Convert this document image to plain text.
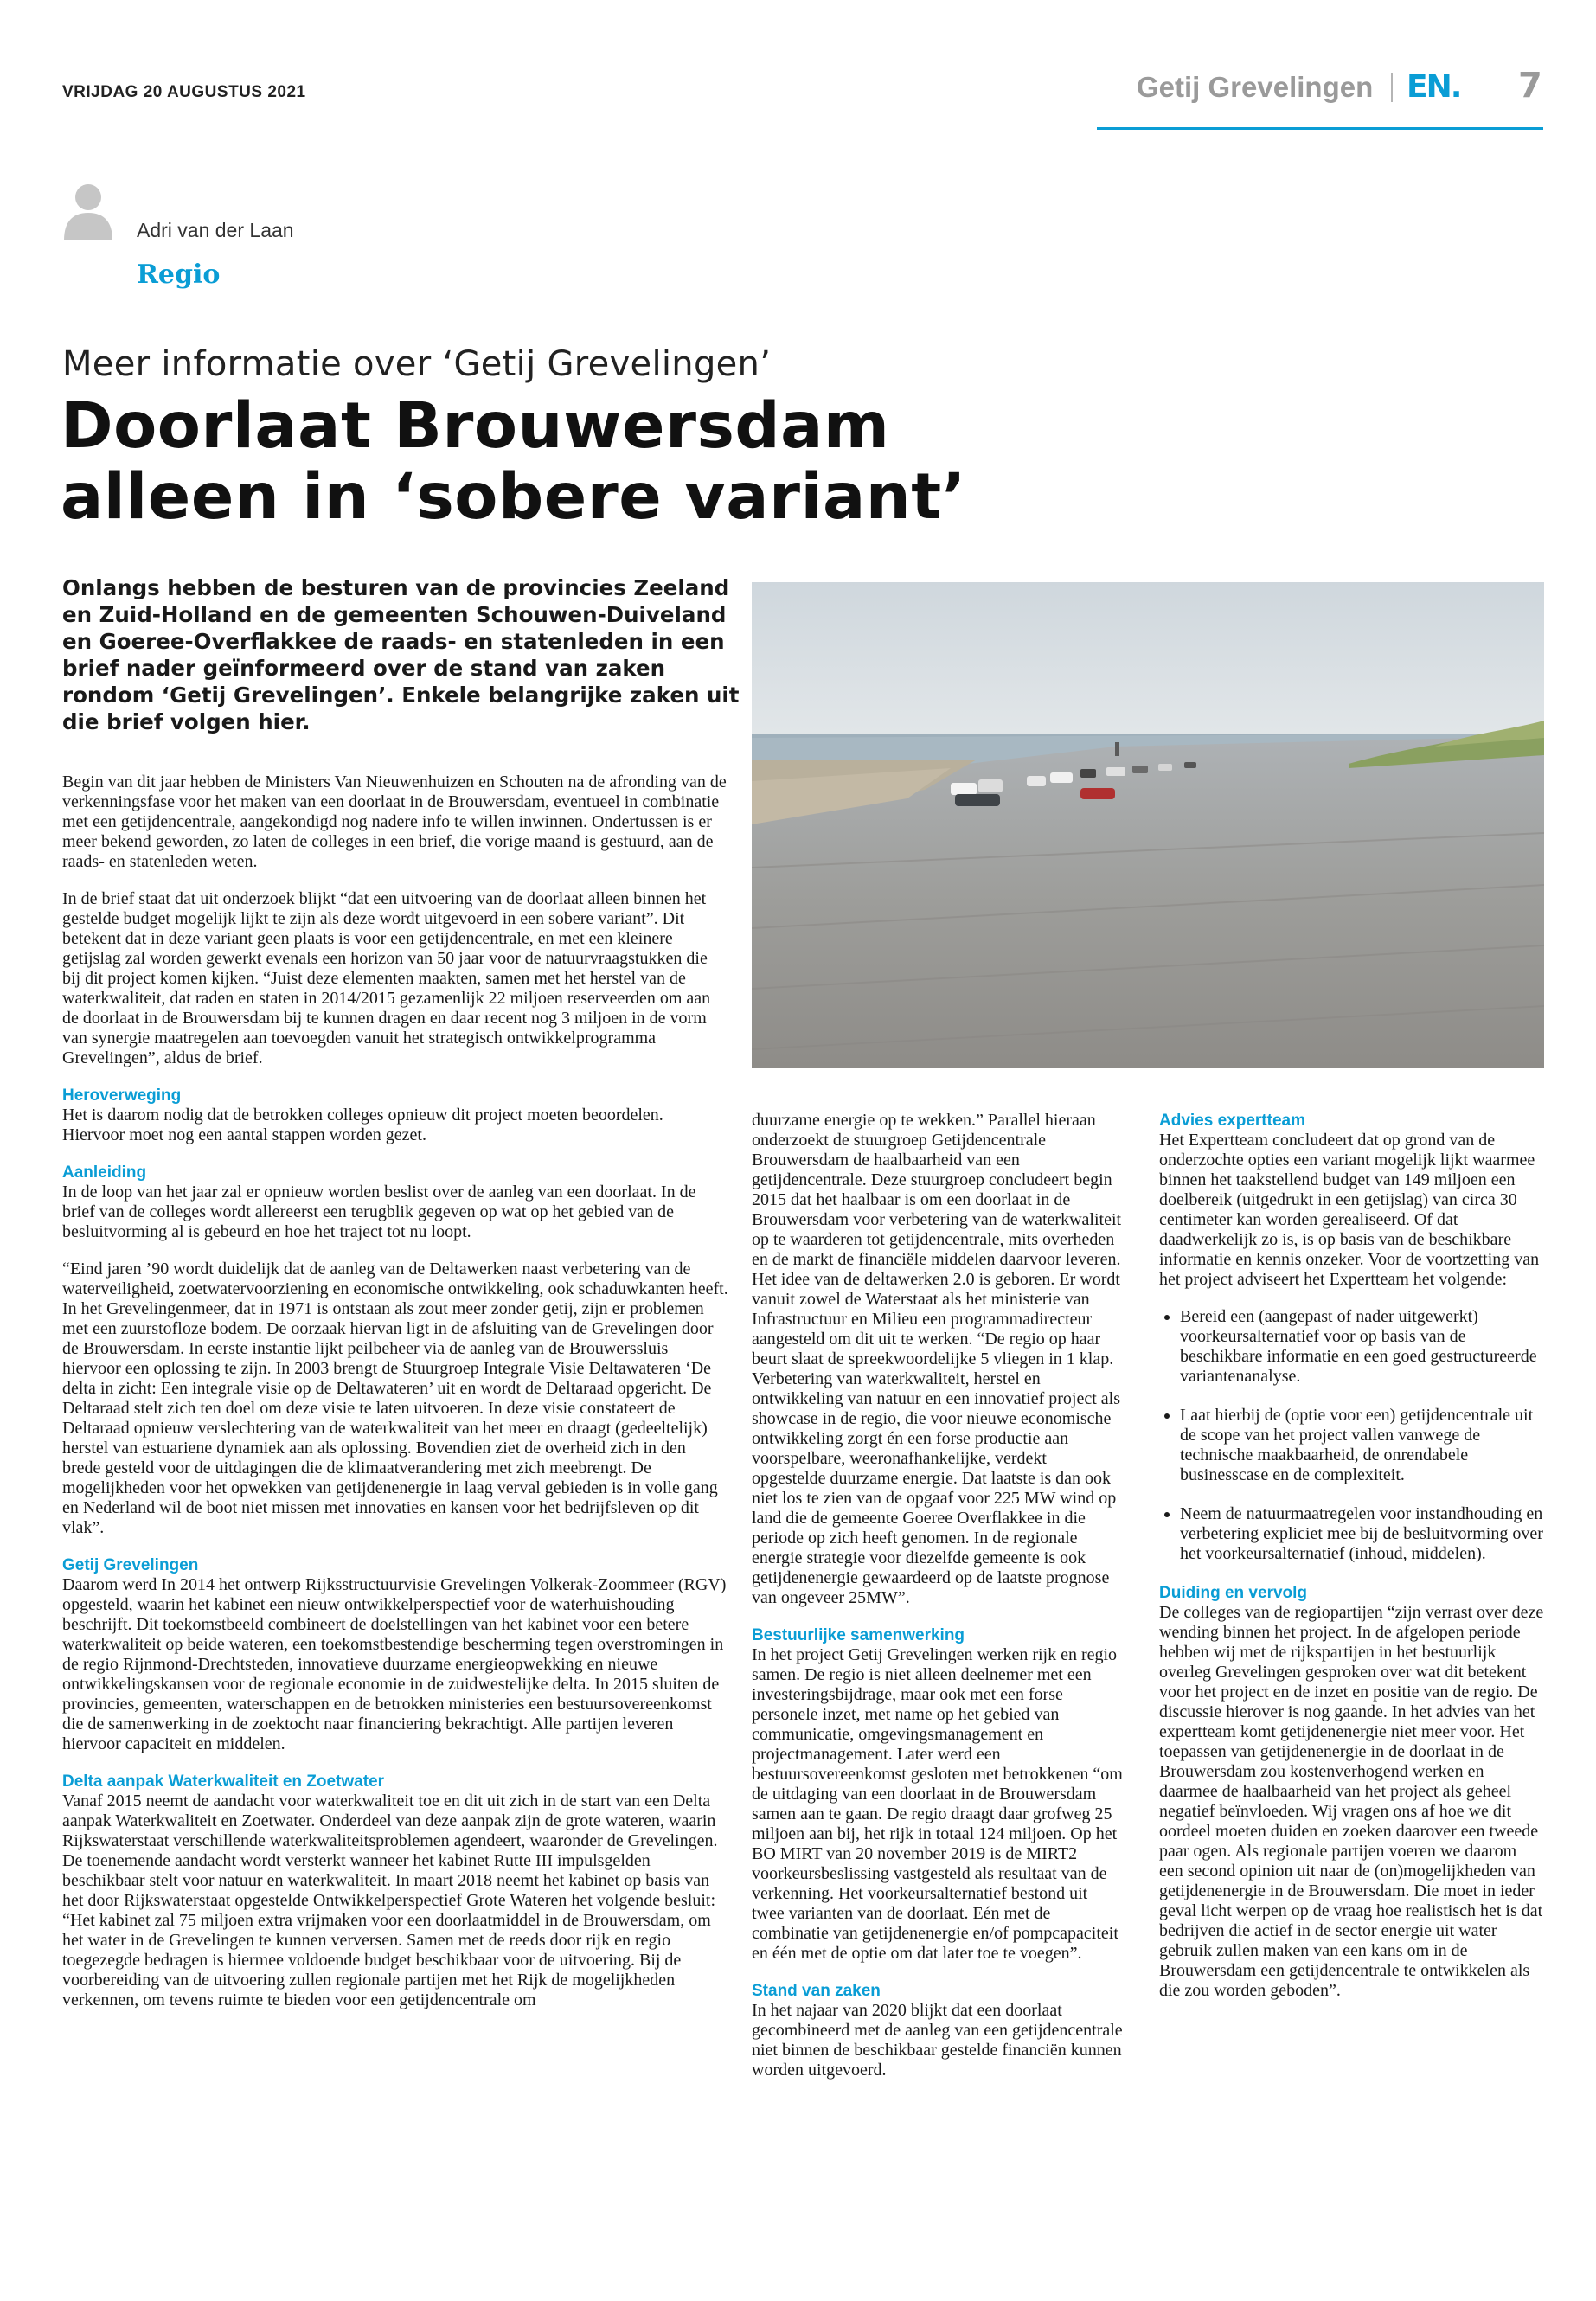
VRIJDAG 20 AUGUSTUS 2021	Getij Grevelingen EN. 7
Adri van der Laan
Regio
Meer informatie over ‘Getij Grevelingen’
Doorlaat Brouwersdam alleen in ‘sobere variant’
Onlangs hebben de besturen van de provincies Zeeland en Zuid-Holland en de gemeenten Schouwen-Duiveland en Goeree-Overflakkee de raads- en statenleden in een brief nader geïnformeerd over de stand van zaken rondom ‘Getij Grevelingen’. Enkele belangrijke zaken uit die brief volgen hier.

Begin van dit jaar hebben de Ministers Van Nieuwenhuizen en Schouten na de afronding van de verkenningsfase voor het maken van een doorlaat in de Brouwersdam, eventueel in combinatie met een getijdencentrale, aangekondigd nog nadere info te willen inwinnen. Ondertussen is er meer bekend geworden, zo laten de colleges in een brief, die vorige maand is gestuurd, aan de raads- en statenleden weten.

In de brief staat dat uit onderzoek blijkt “dat een uitvoering van de doorlaat alleen binnen het gestelde budget mogelijk lijkt te zijn als deze wordt uitgevoerd in een sobere variant”. Dit betekent dat in deze variant geen plaats is voor een getijdencentrale, en met een kleinere getijslag zal worden gewerkt evenals een horizon van 50 jaar voor de natuurvraagstukken die bij dit project komen kijken. “Juist deze elementen maakten, samen met het herstel van de waterkwaliteit, dat raden en staten in 2014/2015 gezamenlijk 22 miljoen reserveerden om aan de doorlaat in de Brouwersdam bij te kunnen dragen en daar recent nog 3 miljoen in de vorm van synergie maatregelen aan toevoegden vanuit het strategisch ontwikkelprogramma Grevelingen”, aldus de brief.

Heroverweging

Het is daarom nodig dat de betrokken colleges opnieuw dit project moeten beoordelen. Hiervoor moet nog een aantal stappen worden gezet.

Aanleiding

In de loop van het jaar zal er opnieuw worden beslist over de aanleg van een doorlaat. In de brief van de colleges wordt allereerst een terugblik gegeven op wat op het gebied van de besluitvorming al is gebeurd en hoe het traject tot nu loopt.

“Eind jaren ’90 wordt duidelijk dat de aanleg van de Deltawerken naast verbetering van de waterveiligheid, zoetwatervoorziening en economische ontwikkeling, ook schaduwkanten heeft. In het Grevelingenmeer, dat in 1971 is ontstaan als zout meer zonder getij, zijn er problemen met een zuurstofloze bodem. De oorzaak hiervan ligt in de afsluiting van de Grevelingen door de Brouwersdam. In eerste instantie lijkt peilbeheer via de aanleg van de Brouwerssluis hiervoor een oplossing te zijn. In 2003 brengt de Stuurgroep Integrale Visie Deltawateren ‘De delta in zicht: Een integrale visie op de Deltawateren’ uit en wordt de Deltaraad opgericht. De Deltaraad stelt zich ten doel om deze visie te laten uitvoeren. In deze visie constateert de Deltaraad opnieuw verslechtering van de waterkwaliteit van het meer en draagt (gedeeltelijk) herstel van estuariene dynamiek aan als oplossing. Bovendien ziet de overheid zich in den brede gesteld voor de uitdagingen die de klimaatverandering met zich meebrengt. De mogelijkheden voor het opwekken van getijdenenergie in laag verval gebieden is in volle gang en Nederland wil de boot niet missen met innovaties en kansen voor het bedrijfsleven op dit vlak”.

Getij Grevelingen

Daarom werd In 2014 het ontwerp Rijksstructuurvisie Grevelingen Volkerak-Zoommeer (RGV) opgesteld, waarin het kabinet een nieuw ontwikkelperspectief voor de waterhuishouding beschrijft. Dit toekomstbeeld combineert de doelstellingen van het kabinet voor een betere waterkwaliteit op beide wateren, een toekomstbestendige bescherming tegen overstromingen in de regio Rijnmond-Drechtsteden, innovatieve duurzame energieopwekking en nieuwe ontwikkelingskansen voor de regionale economie in de zuidwestelijke delta. In 2015 sluiten de provincies, gemeenten, waterschappen en de betrokken ministeries een bestuursovereenkomst die de samenwerking in de zoektocht naar financiering bekrachtigt. Alle partijen leveren hiervoor capaciteit en middelen.

Delta aanpak Waterkwaliteit en Zoetwater

Vanaf 2015 neemt de aandacht voor waterkwaliteit toe en dit uit zich in de start van een Delta aanpak Waterkwaliteit en Zoetwater. Onderdeel van deze aanpak zijn de grote wateren, waarin Rijkswaterstaat verschillende waterkwaliteitsproblemen agendeert, waaronder de Grevelingen. De toenemende aandacht wordt versterkt wanneer het kabinet Rutte III impulsgelden beschikbaar stelt voor natuur en waterkwaliteit. In maart 2018 neemt het kabinet op basis van het door Rijkswaterstaat opgestelde Ontwikkelperspectief Grote Wateren het volgende besluit: “Het kabinet zal 75 miljoen extra vrijmaken voor een doorlaatmiddel in de Brouwersdam, om het water in de Grevelingen te kunnen verversen. Samen met de reeds door rijk en regio toegezegde bedragen is hiermee voldoende budget beschikbaar voor de uitvoering. Bij de voorbereiding van de uitvoering zullen regionale partijen met het Rijk de mogelijkheden verkennen, om tevens ruimte te bieden voor een getijdencentrale om

duurzame energie op te wekken.” Parallel hieraan onderzoekt de stuurgroep Getijdencentrale Brouwersdam de haalbaarheid van een getijdencentrale. Deze stuurgroep concludeert begin 2015 dat het haalbaar is om een doorlaat in de Brouwersdam voor verbetering van de waterkwaliteit op te waarderen tot getijdencentrale, mits overheden en de markt de financiële middelen daarvoor leveren. Het idee van de deltawerken 2.0 is geboren. Er wordt vanuit zowel de Waterstaat als het ministerie van Infrastructuur en Milieu een programmadirecteur aangesteld om dit uit te werken. “De regio op haar beurt slaat de spreekwoordelijke 5 vliegen in 1 klap. Verbetering van waterkwaliteit, herstel en ontwikkeling van natuur en een innovatief project als showcase in de regio, die voor nieuwe economische ontwikkeling zorgt én een forse productie aan voorspelbare, weeronafhankelijke, verdekt opgestelde duurzame energie. Dat laatste is dan ook niet los te zien van de opgaaf voor 225 MW wind op land die de gemeente Goeree Overflakkee in die periode op zich heeft genomen. In de regionale energie strategie voor diezelfde gemeente is ook getijdenenergie gewaardeerd op de laatste prognose van ongeveer 25MW”.

Bestuurlijke samenwerking

In het project Getij Grevelingen werken rijk en regio samen. De regio is niet alleen deelnemer met een investeringsbijdrage, maar ook met een forse personele inzet, met name op het gebied van communicatie, omgevingsmanagement en projectmanagement. Later werd een bestuursovereenkomst gesloten met betrokkenen “om de uitdaging van een doorlaat in de Brouwersdam samen aan te gaan. De regio draagt daar grofweg 25 miljoen aan bij, het rijk in totaal 124 miljoen. Op het BO MIRT van 20 november 2019 is de MIRT2 voorkeursbeslissing vastgesteld als resultaat van de verkenning. Het voorkeursalternatief bestond uit twee varianten van de doorlaat. Eén met de combinatie van getijdenenergie en/of pompcapaciteit en één met de optie om dat later toe te voegen”.

Stand van zaken

In het najaar van 2020 blijkt dat een doorlaat gecombineerd met de aanleg van een getijdencentrale niet binnen de beschikbaar gestelde financiën kunnen worden uitgevoerd.

Advies expertteam

Het Expertteam concludeert dat op grond van de onderzochte opties een variant mogelijk lijkt waarmee binnen het taakstellend budget van 149 miljoen een doelbereik (uitgedrukt in een getijslag) van circa 30 centimeter kan worden gerealiseerd. Of dat daadwerkelijk zo is, is op basis van de beschikbare informatie en kennis onzeker. Voor de voortzetting van het project adviseert het Expertteam het volgende:

• Bereid een (aangepast of nader uitgewerkt) voorkeursalternatief voor op basis van de beschikbare informatie en een goed gestructureerde variantenanalyse.
• Laat hierbij de (optie voor een) getijdencentrale uit de scope van het project vallen vanwege de technische maakbaarheid, de onrendabele businesscase en de complexiteit.
• Neem de natuurmaatregelen voor instandhouding en verbetering expliciet mee bij de besluitvorming over het voorkeursalternatief (inhoud, middelen).
Duiding en vervolg

De colleges van de regiopartijen “zijn verrast over deze wending binnen het project. In de afgelopen periode hebben wij met de rijkspartijen in het bestuurlijk overleg Grevelingen gesproken over wat dit betekent voor het project en de inzet en positie van de regio. De discussie hierover is nog gaande. In het advies van het expertteam komt getijdenenergie niet meer voor. Het toepassen van getijdenenergie in de doorlaat in de Brouwersdam zou kostenverhogend werken en daarmee de haalbaarheid van het project als geheel negatief beïnvloeden. Wij vragen ons af hoe we dit oordeel moeten duiden en zoeken daarover een tweede paar ogen. Als regionale partijen voeren we daarom een second opinion uit naar de (on)mogelijkheden van getijdenenergie in de Brouwersdam. Die moet in ieder geval licht werpen op de vraag hoe realistisch het is dat bedrijven die actief in de sector energie uit water gebruik zullen maken van een kans om in de Brouwersdam een getijdencentrale te ontwikkelen als die zou worden geboden”.
